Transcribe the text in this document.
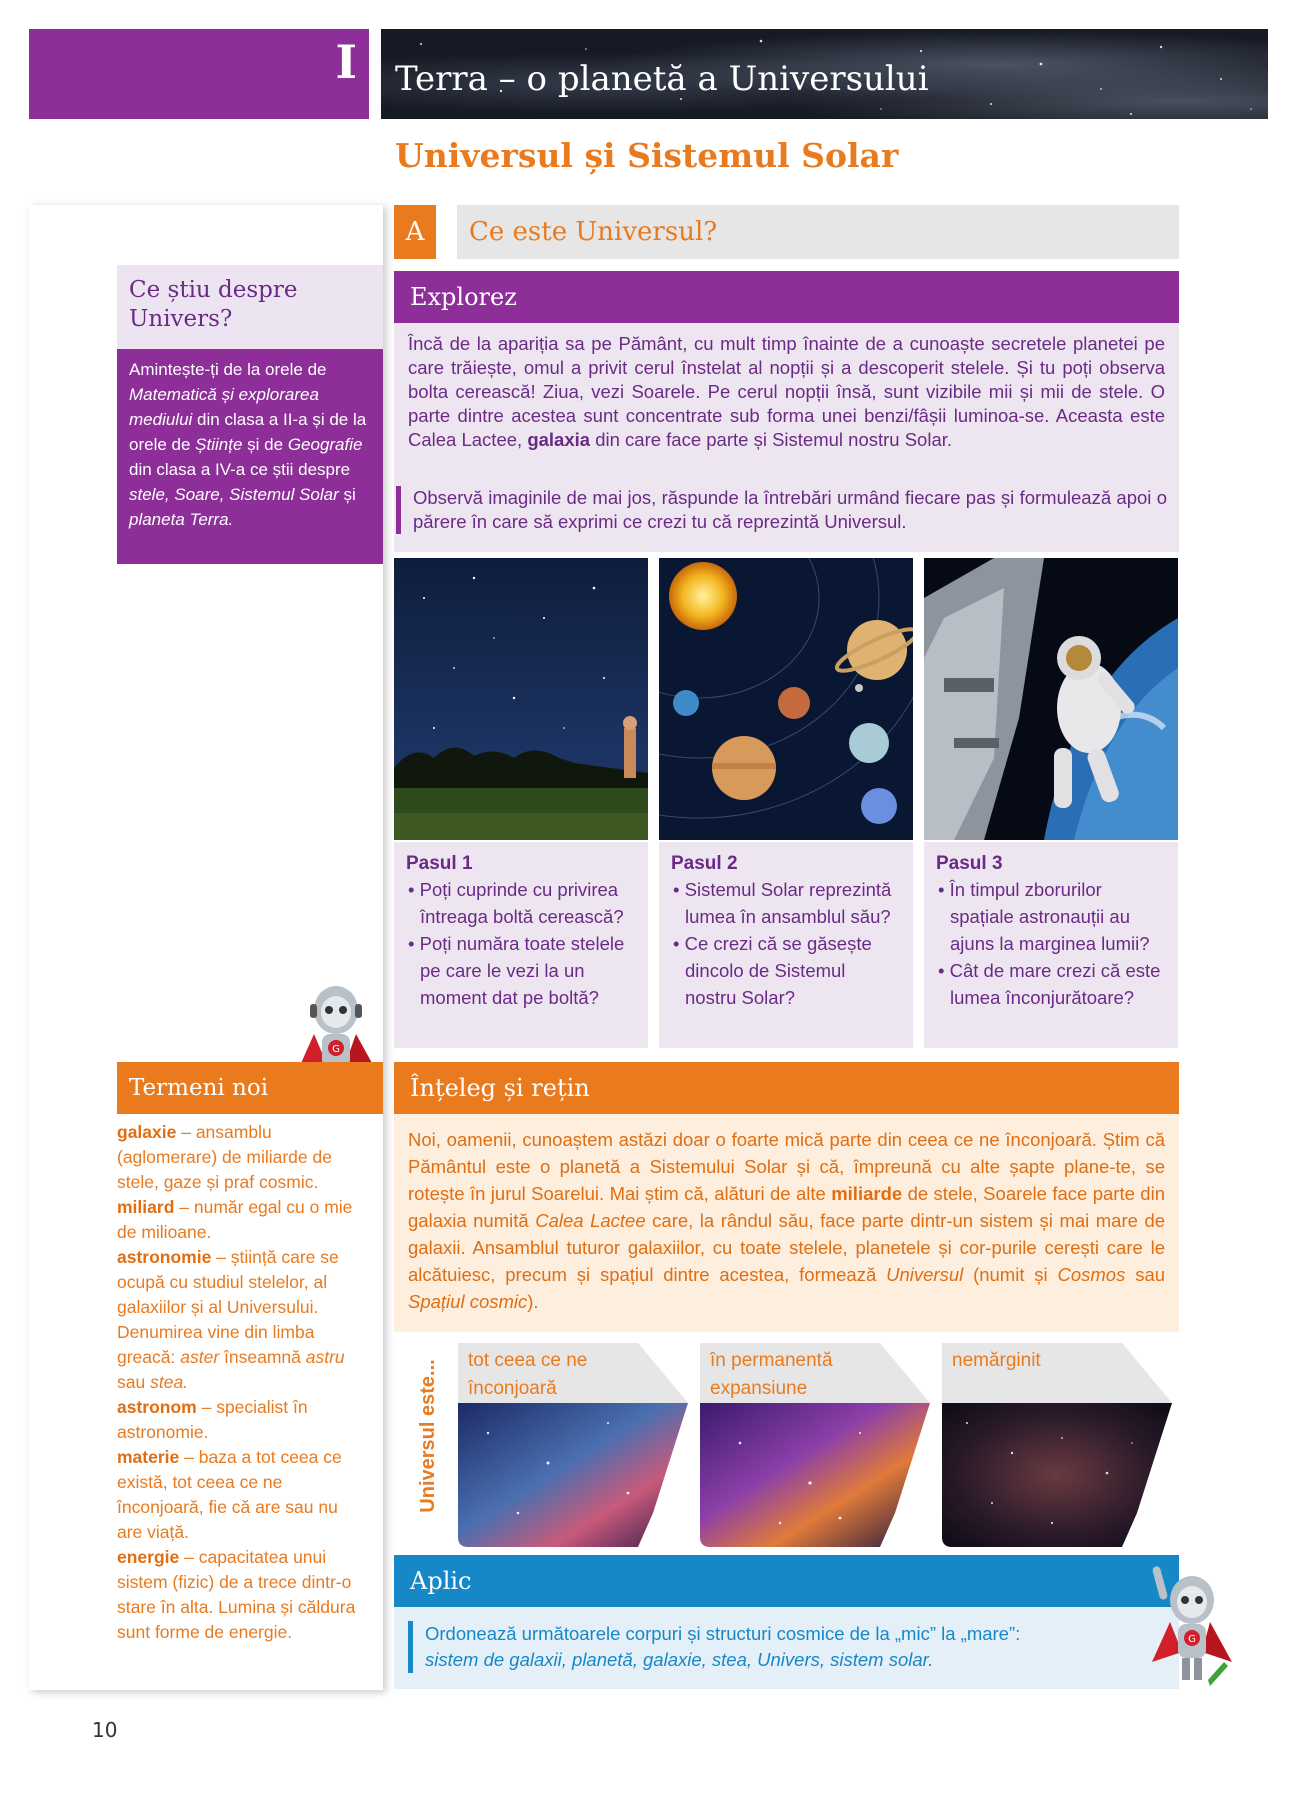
I Terra – o planetă a Universului
Universul și Sistemul Solar
A	Ce este Universul?
Ce știu despre Univers?
Amintește-ți de la orele de Matematică și explorarea mediului din clasa a II-a și de la orele de Științe și de Geografie din clasa a IV-a ce știi despre stele, Soare, Sistemul Solar și planeta Terra.
Explorez
Încă de la apariția sa pe Pământ, cu mult timp înainte de a cunoaște secretele planetei pe care trăiește, omul a privit cerul înstelat al nopții și a descoperit stelele. Și tu poți observa bolta cerească! Ziua, vezi Soarele. Pe cerul nopții însă, sunt vizibile mii și mii de stele. O parte dintre acestea sunt concentrate sub forma unei benzi/fâșii luminoa-se. Aceasta este Calea Lactee, galaxia din care face parte și Sistemul nostru Solar.
Observă imaginile de mai jos, răspunde la întrebări urmând fiecare pas și formulează apoi o părere în care să exprimi ce crezi tu că reprezintă Universul.
Pasul 1
• Poți cuprinde cu privirea întreaga boltă cerească?
• Poți număra toate stelele pe care le vezi la un moment dat pe boltă?
Pasul 2
• Sistemul Solar reprezintă lumea în ansamblul său?
• Ce crezi că se găsește dincolo de Sistemul nostru Solar?
Pasul 3
• În timpul zborurilor spațiale astronauții au ajuns la marginea lumii?
• Cât de mare crezi că este lumea înconjurătoare?
G
Termeni noi
galaxie – ansamblu (aglomerare) de miliarde de stele, gaze și praf cosmic.
miliard – număr egal cu o mie de milioane.
astronomie – știință care se ocupă cu studiul stelelor, al galaxiilor și al Universului. Denumirea vine din limba greacă: aster înseamnă astru sau stea.
astronom – specialist în astronomie.
materie – baza a tot ceea ce există, tot ceea ce ne înconjoară, fie că are sau nu are viață.
energie – capacitatea unui sistem (fizic) de a trece dintr-o stare în alta. Lumina și căldura sunt forme de energie.
Înțeleg și rețin
Noi, oamenii, cunoaștem astăzi doar o foarte mică parte din ceea ce ne înconjoară. Știm că Pământul este o planetă a Sistemului Solar și că, împreună cu alte șapte plane-te, se rotește în jurul Soarelui. Mai știm că, alături de alte miliarde de stele, Soarele face parte din galaxia numită Calea Lactee care, la rândul său, face parte dintr-un sistem și mai mare de galaxii. Ansamblul tuturor galaxiilor, cu toate stelele, planetele și cor-purile cerești care le alcătuiesc, precum și spațiul dintre acestea, formează Universul (numit și Cosmos sau Spațiul cosmic).
Universul este... tot ceea ce ne înconjoară
în permanentă expansiune
nemărginit
Aplic
Ordonează următoarele corpuri și structuri cosmice de la „mic” la „mare”:
sistem de galaxii, planetă, galaxie, stea, Univers, sistem solar.
G
10
